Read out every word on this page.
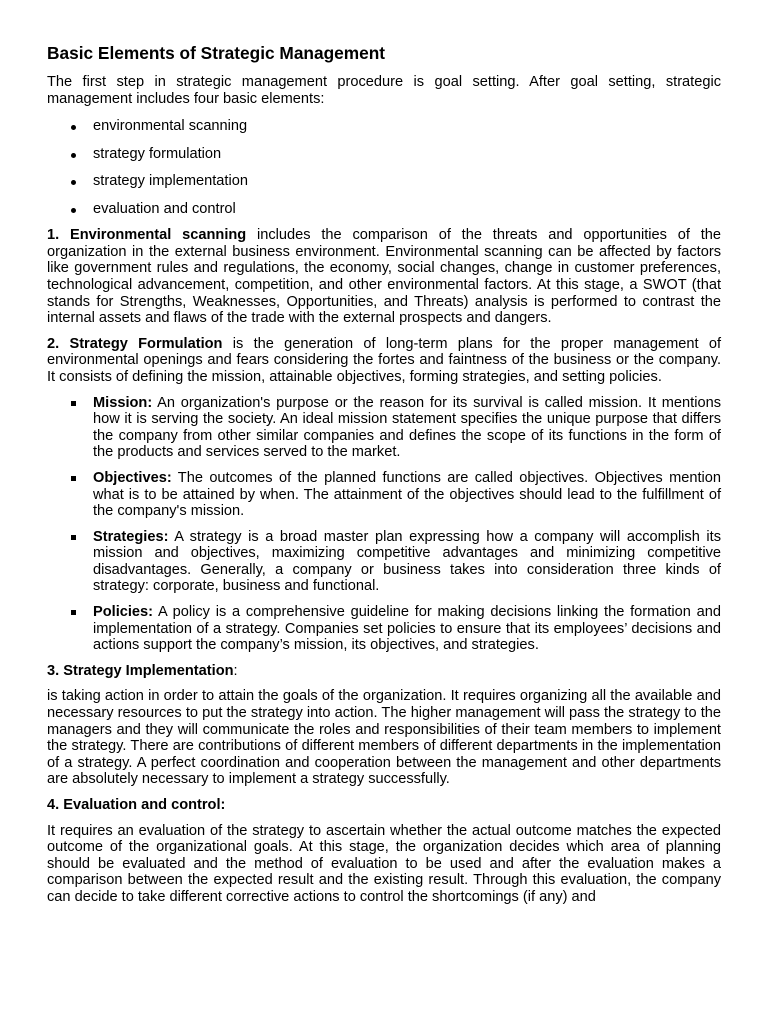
Basic Elements of Strategic Management

The first step in strategic management procedure is goal setting. After goal setting, strategic management includes four basic elements:

environmental scanning
strategy formulation
strategy implementation
evaluation and control

1. Environmental scanning includes the comparison of the threats and opportunities of the organization in the external business environment. Environmental scanning can be affected by factors like government rules and regulations, the economy, social changes, change in customer preferences, technological advancement, competition, and other environmental factors. At this stage, a SWOT (that stands for Strengths, Weaknesses, Opportunities, and Threats) analysis is performed to contrast the internal assets and flaws of the trade with the external prospects and dangers.

2. Strategy Formulation is the generation of long-term plans for the proper management of environmental openings and fears considering the fortes and faintness of the business or the company. It consists of defining the mission, attainable objectives, forming strategies, and setting policies.

Mission: An organization's purpose or the reason for its survival is called mission. It mentions how it is serving the society. An ideal mission statement specifies the unique purpose that differs the company from other similar companies and defines the scope of its functions in the form of the products and services served to the market.

Objectives: The outcomes of the planned functions are called objectives. Objectives mention what is to be attained by when. The attainment of the objectives should lead to the fulfillment of the company's mission.

Strategies: A strategy is a broad master plan expressing how a company will accomplish its mission and objectives, maximizing competitive advantages and minimizing competitive disadvantages. Generally, a company or business takes into consideration three kinds of strategy: corporate, business and functional.

Policies: A policy is a comprehensive guideline for making decisions linking the formation and implementation of a strategy. Companies set policies to ensure that its employees’ decisions and actions support the company’s mission, its objectives, and strategies.

3. Strategy Implementation:

is taking action in order to attain the goals of the organization. It requires organizing all the available and necessary resources to put the strategy into action. The higher management will pass the strategy to the managers and they will communicate the roles and responsibilities of their team members to implement the strategy. There are contributions of different members of different departments in the implementation of a strategy. A perfect coordination and cooperation between the management and other departments are absolutely necessary to implement a strategy successfully.

4. Evaluation and control:

It requires an evaluation of the strategy to ascertain whether the actual outcome matches the expected outcome of the organizational goals. At this stage, the organization decides which area of planning should be evaluated and the method of evaluation to be used and after the evaluation makes a comparison between the expected result and the existing result. Through this evaluation, the company can decide to take different corrective actions to control the shortcomings (if any) and
